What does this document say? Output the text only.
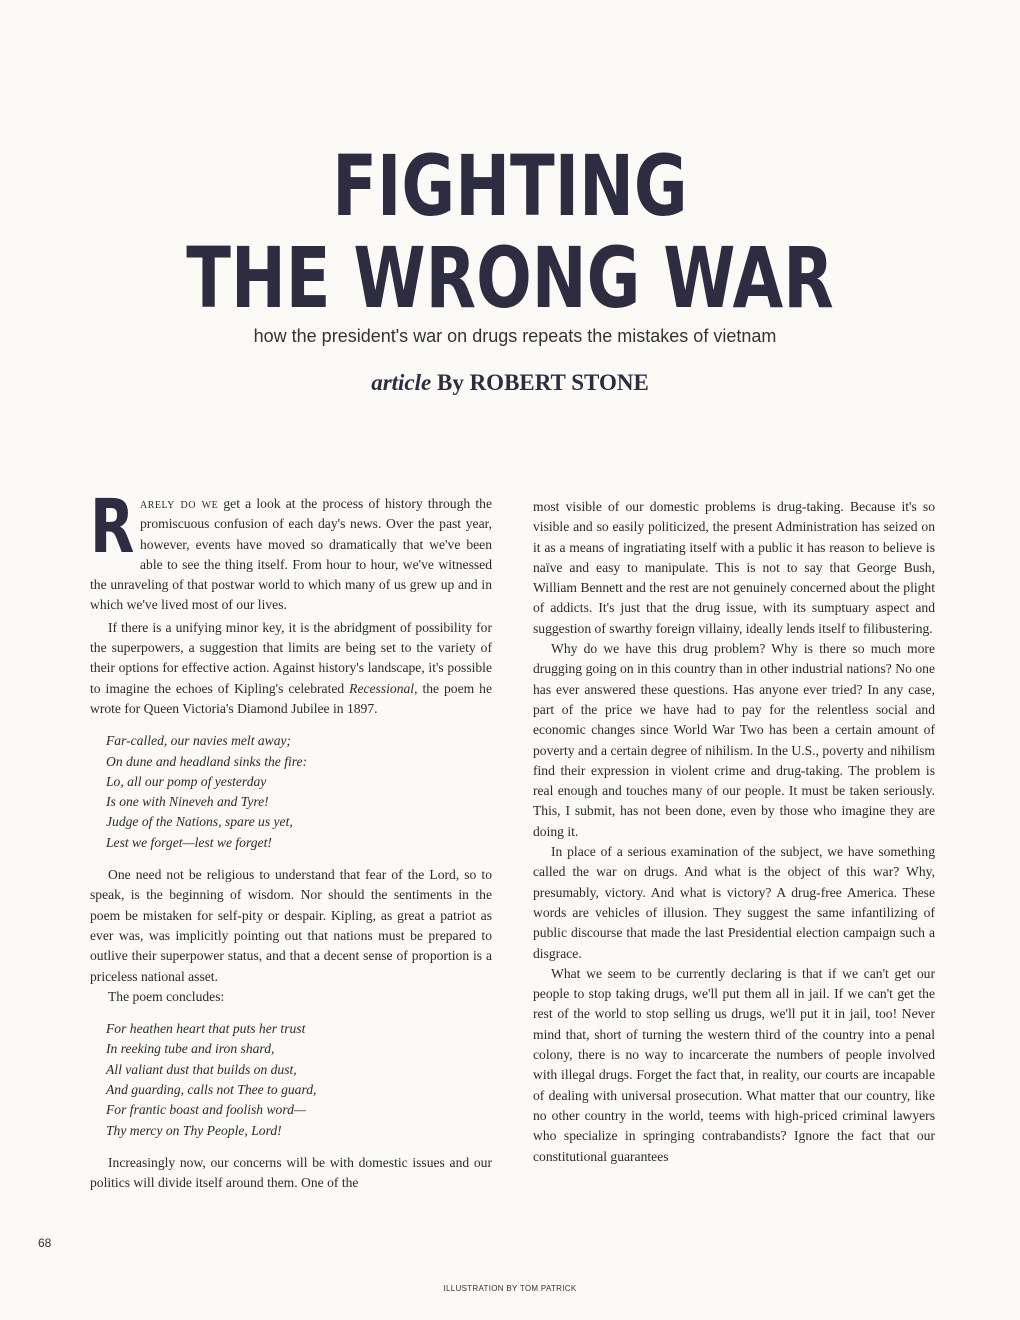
FIGHTING
THE WRONG WAR
how the president's war on drugs repeats the mistakes of vietnam
article By ROBERT STONE

Rarely do we get a look at the process of history through the promiscuous confusion of each day's news. Over the past year, however, events have moved so dramatically that we've been able to see the thing itself. From hour to hour, we've witnessed the unraveling of that postwar world to which many of us grew up and in which we've lived most of our lives.

If there is a unifying minor key, it is the abridgment of possibility for the superpowers, a suggestion that limits are being set to the variety of their options for effective action. Against history's landscape, it's possible to imagine the echoes of Kipling's celebrated Recessional, the poem he wrote for Queen Victoria's Diamond Jubilee in 1897.

Far-called, our navies melt away;
On dune and headland sinks the fire:
Lo, all our pomp of yesterday
Is one with Nineveh and Tyre!
Judge of the Nations, spare us yet,
Lest we forget—lest we forget!

One need not be religious to understand that fear of the Lord, so to speak, is the beginning of wisdom. Nor should the sentiments in the poem be mistaken for self-pity or despair. Kipling, as great a patriot as ever was, was implicitly pointing out that nations must be prepared to outlive their superpower status, and that a decent sense of proportion is a priceless national asset.

The poem concludes:

For heathen heart that puts her trust
In reeking tube and iron shard,
All valiant dust that builds on dust,
And guarding, calls not Thee to guard,
For frantic boast and foolish word—
Thy mercy on Thy People, Lord!

Increasingly now, our concerns will be with domestic issues and our politics will divide itself around them. One of the

most visible of our domestic problems is drug-taking. Because it's so visible and so easily politicized, the present Administration has seized on it as a means of ingratiating itself with a public it has reason to believe is naïve and easy to manipulate. This is not to say that George Bush, William Bennett and the rest are not genuinely concerned about the plight of addicts. It's just that the drug issue, with its sumptuary aspect and suggestion of swarthy foreign villainy, ideally lends itself to filibustering.

Why do we have this drug problem? Why is there so much more drugging going on in this country than in other industrial nations? No one has ever answered these questions. Has anyone ever tried? In any case, part of the price we have had to pay for the relentless social and economic changes since World War Two has been a certain amount of poverty and a certain degree of nihilism. In the U.S., poverty and nihilism find their expression in violent crime and drug-taking. The problem is real enough and touches many of our people. It must be taken seriously. This, I submit, has not been done, even by those who imagine they are doing it.

In place of a serious examination of the subject, we have something called the war on drugs. And what is the object of this war? Why, presumably, victory. And what is victory? A drug-free America. These words are vehicles of illusion. They suggest the same infantilizing of public discourse that made the last Presidential election campaign such a disgrace.

What we seem to be currently declaring is that if we can't get our people to stop taking drugs, we'll put them all in jail. If we can't get the rest of the world to stop selling us drugs, we'll put it in jail, too! Never mind that, short of turning the western third of the country into a penal colony, there is no way to incarcerate the numbers of people involved with illegal drugs. Forget the fact that, in reality, our courts are incapable of dealing with universal prosecution. What matter that our country, like no other country in the world, teems with high-priced criminal lawyers who specialize in springing contrabandists? Ignore the fact that our constitutional guarantees

68
ILLUSTRATION BY TOM PATRICK
